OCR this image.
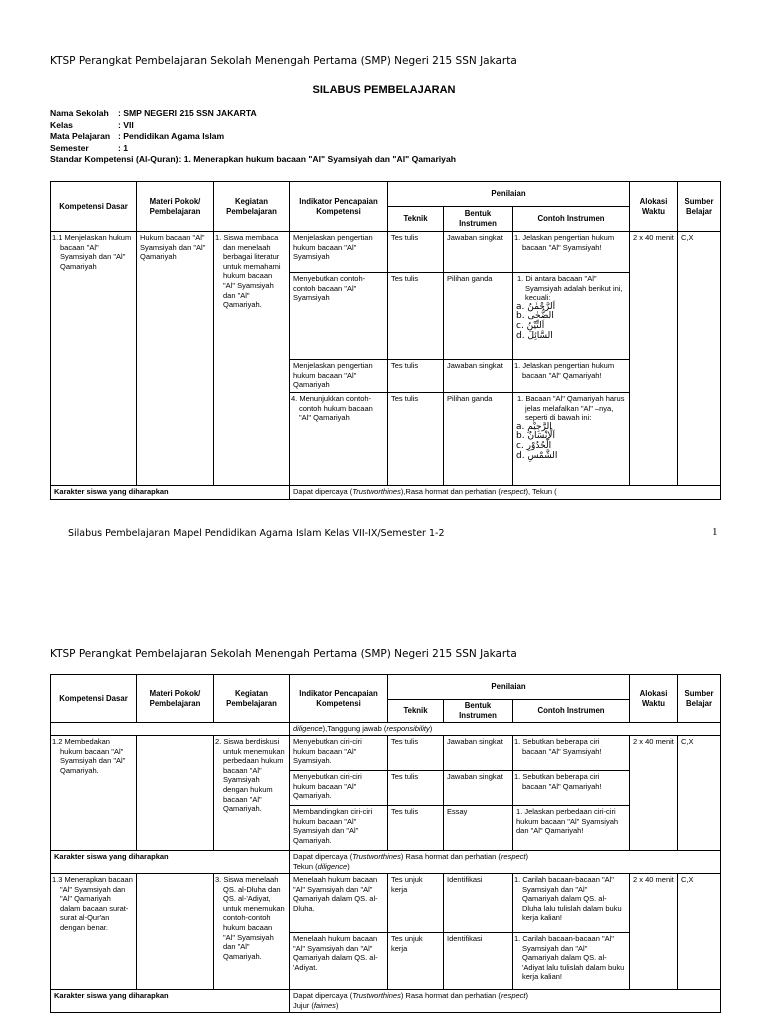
KTSP Perangkat Pembelajaran Sekolah Menengah Pertama (SMP) Negeri 215 SSN Jakarta
SILABUS PEMBELAJARAN
Nama Sekolah	: SMP NEGERI 215 SSN JAKARTA
Kelas	: VII
Mata Pelajaran : Pendidikan Agama Islam
Semester	: 1
Standar Kompetensi (Al-Quran): 1. Menerapkan hukum bacaan "Al" Syamsiyah dan "Al" Qamariyah
Kompetensi Dasar	Materi Pokok/ Pembelajaran	Kegiatan Pembelajaran	Indikator Pencapaian Kompetensi	Penilaian			Alokasi Waktu	Sumber Belajar
				Teknik	Bentuk Instrumen	Contoh Instrumen		
1.1 Menjelaskan hukum bacaan "Al" Syamsiyah dan "Al" Qamariyah	Hukum bacaan "Al" Syamsiyah dan "Al" Qamariyah	1. Siswa membaca dan menelaah berbagai literatur untuk memahami hukum bacaan "Al" Syamsiyah dan "Al" Qamariyah.	Menjelaskan pengertian hukum bacaan "Al" Syamsiyah	Tes tulis	Jawaban singkat	1. Jelaskan pengertian hukum bacaan "Al" Syamsiyah!	2 x 40 menit	C,X
			Menyebutkan contoh-contoh bacaan "Al" Syamsiyah	Tes tulis	Pilihan ganda	1. Di antara bacaan "Al" Syamsiyah adalah berikut ini, kecuali:
a. اَلرَّحْمٰنُ
b. الضُّحٰى
c. اَلتِّيْنُ
d. السَّائِلَ		

			Menjelaskan pengertian hukum bacaan "Al" Qamariyah	Tes tulis	Jawaban singkat	1. Jelaskan pengertian hukum bacaan "Al" Qamariyah!		
			4. Menunjukkan contoh-contoh hukum bacaan "Al" Qamariyah	Tes tulis	Pilihan ganda	1. Bacaan "Al" Qamariyah harus jelas melafalkan "Al" –nya, seperti di bawah ini:
a. الرَّجِيْمِ
b. اَلْاِنْسَانُ
c. الْحُدُوْرِ
d. الشَّمْسِ		

Karakter siswa yang diharapkan			Dapat dipercaya (Trustworthines),Rasa hormat dan perhatian (respect), Tekun (					
Silabus Pembelajaran Mapel Pendidikan Agama Islam Kelas VII-IX/Semester 1-2	1
KTSP Perangkat Pembelajaran Sekolah Menengah Pertama (SMP) Negeri 215 SSN Jakarta
Kompetensi Dasar	Materi Pokok/ Pembelajaran	Kegiatan Pembelajaran	Indikator Pencapaian Kompetensi	Penilaian			Alokasi Waktu	Sumber Belajar
				Teknik	Bentuk Instrumen	Contoh Instrumen		
			diligence),Tanggung jawab (responsibility)					
1.2 Membedakan hukum bacaan "Al" Syamsiyah dan "Al" Qamariyah.		2. Siswa berdiskusi untuk menemukan perbedaan hukum bacaan "Al" Syamsiyah dengan hukum bacaan "Al" Qamariyah.	Menyebutkan ciri-ciri hukum bacaan "Al" Syamsiyah.	Tes tulis	Jawaban singkat	1. Sebutkan beberapa ciri bacaan "Al" Syamsiyah!	2 x 40 menit	C,X
			Menyebutkan ciri-ciri hukum bacaan "Al" Qamariyah.	Tes tulis	Jawaban singkat	1. Sebutkan beberapa ciri bacaan "Al" Qamariyah!		
			Membandingkan ciri-ciri hukum bacaan "Al" Syamsiyah dan "Al" Qamariyah.	Tes tulis	Essay	1. Jelaskan perbedaan ciri-ciri hukum bacaan "Al" Syamsiyah dan "Al" Qamariyah!		
Karakter siswa yang diharapkan			Dapat dipercaya (Trustworthines) Rasa hormat dan perhatian (respect)
Tekun (diligence)					
1.3 Menerapkan bacaan "Al" Syamsiyah dan "Al" Qamariyah dalam bacaan surat-surat al-Qur'an dengan benar.		3. Siswa menelaah QS. al-Dluha dan QS. al-'Adiyat, untuk menemukan contoh-contoh hukum bacaan "Al" Syamsiyah dan "Al" Qamariyah.	Menelaah hukum bacaan "Al" Syamsiyah dan "Al" Qamariyah dalam QS. al-Dluha.	Tes unjuk kerja	Identifikasi	1. Carilah bacaan-bacaan "Al" Syamsiyah dan "Al" Qamariyah dalam QS. al-Dluha lalu tulislah dalam buku kerja kalian!	2 x 40 menit	C,X
			Menelaah hukum bacaan "Al" Syamsiyah dan "Al" Qamariyah dalam QS. al-'Adiyat.	Tes unjuk kerja	Identifikasi	1. Carilah bacaan-bacaan "Al" Syamsiyah dan "Al" Qamariyah dalam QS. al-'Adiyat lalu tulislah dalam buku kerja kalian!		
Karakter siswa yang diharapkan			Dapat dipercaya (Trustworthines) Rasa hormat dan perhatian (respect)
Jujur (faimes)					
